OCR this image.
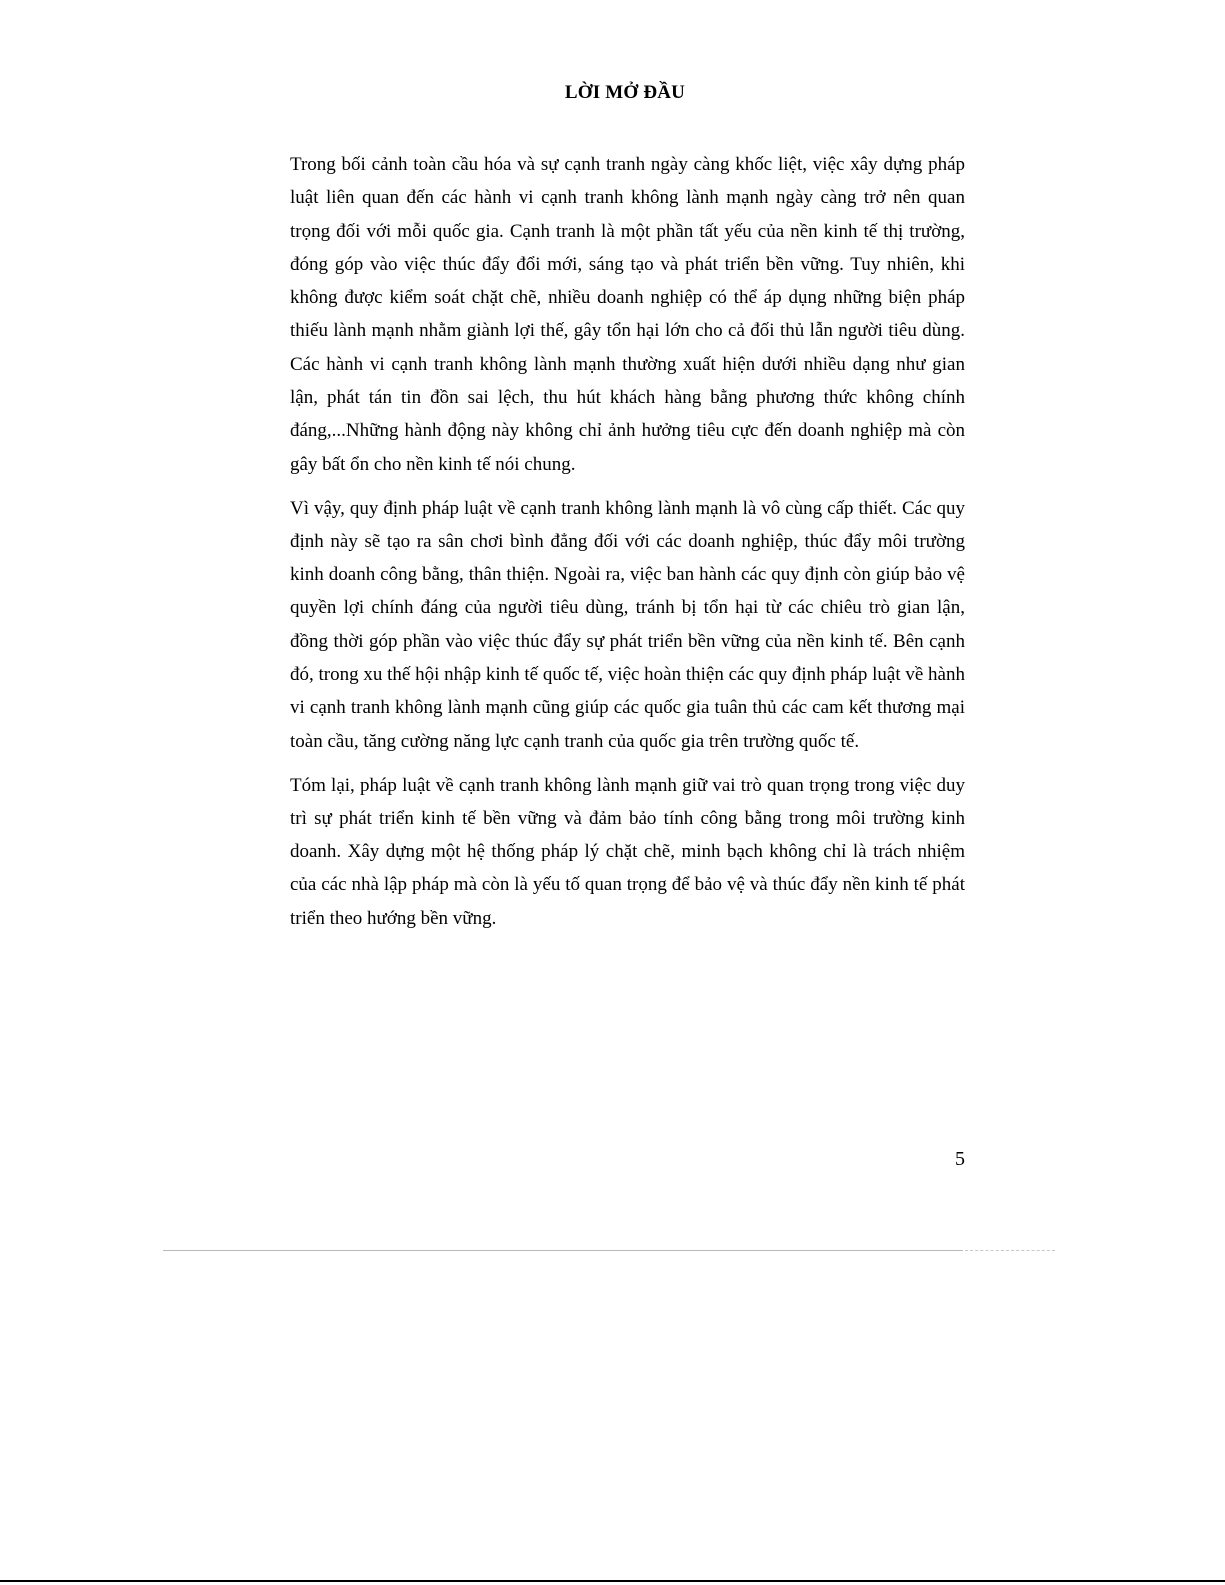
LỜI MỞ ĐẦU

Trong bối cảnh toàn cầu hóa và sự cạnh tranh ngày càng khốc liệt, việc xây dựng pháp luật liên quan đến các hành vi cạnh tranh không lành mạnh ngày càng trở nên quan trọng đối với mỗi quốc gia. Cạnh tranh là một phần tất yếu của nền kinh tế thị trường, đóng góp vào việc thúc đẩy đổi mới, sáng tạo và phát triển bền vững. Tuy nhiên, khi không được kiểm soát chặt chẽ, nhiều doanh nghiệp có thể áp dụng những biện pháp thiếu lành mạnh nhằm giành lợi thế, gây tổn hại lớn cho cả đối thủ lẫn người tiêu dùng. Các hành vi cạnh tranh không lành mạnh thường xuất hiện dưới nhiều dạng như gian lận, phát tán tin đồn sai lệch, thu hút khách hàng bằng phương thức không chính đáng,...Những hành động này không chỉ ảnh hưởng tiêu cực đến doanh nghiệp mà còn gây bất ổn cho nền kinh tế nói chung.

Vì vậy, quy định pháp luật về cạnh tranh không lành mạnh là vô cùng cấp thiết. Các quy định này sẽ tạo ra sân chơi bình đẳng đối với các doanh nghiệp, thúc đẩy môi trường kinh doanh công bằng, thân thiện. Ngoài ra, việc ban hành các quy định còn giúp bảo vệ quyền lợi chính đáng của người tiêu dùng, tránh bị tổn hại từ các chiêu trò gian lận, đồng thời góp phần vào việc thúc đẩy sự phát triển bền vững của nền kinh tế. Bên cạnh đó, trong xu thế hội nhập kinh tế quốc tế, việc hoàn thiện các quy định pháp luật về hành vi cạnh tranh không lành mạnh cũng giúp các quốc gia tuân thủ các cam kết thương mại toàn cầu, tăng cường năng lực cạnh tranh của quốc gia trên trường quốc tế.

Tóm lại, pháp luật về cạnh tranh không lành mạnh giữ vai trò quan trọng trong việc duy trì sự phát triển kinh tế bền vững và đảm bảo tính công bằng trong môi trường kinh doanh. Xây dựng một hệ thống pháp lý chặt chẽ, minh bạch không chỉ là trách nhiệm của các nhà lập pháp mà còn là yếu tố quan trọng để bảo vệ và thúc đẩy nền kinh tế phát triển theo hướng bền vững.

5
